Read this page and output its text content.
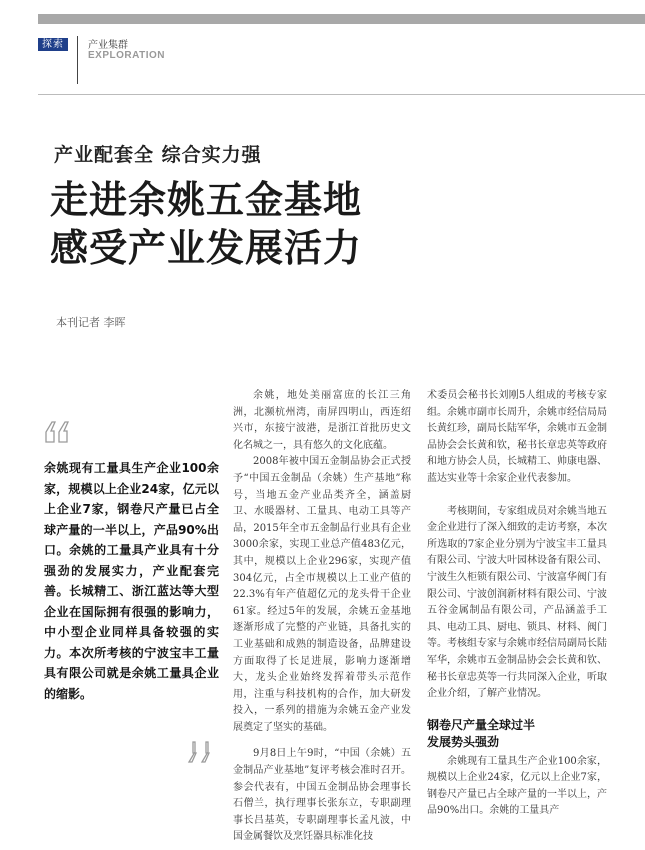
探索	产业集群
EXPLORATION
产业配套全 综合实力强
走进余姚五金基地
感受产业发展活力
本刊记者 李晖
余姚现有工量具生产企业100余家，规模以上企业24家，亿元以上企业7家，钢卷尺产量已占全球产量的一半以上，产品90%出口。余姚的工量具产业具有十分强劲的发展实力，产业配套完善。长城精工、浙江蓝达等大型企业在国际拥有很强的影响力，中小型企业同样具备较强的实力。本次所考核的宁波宝丰工量具有限公司就是余姚工量具企业的缩影。

余姚，地处美丽富庶的长江三角洲，北濒杭州湾，南屏四明山，西连绍兴市，东接宁波港，是浙江首批历史文化名城之一，具有悠久的文化底蕴。

2008年被中国五金制品协会正式授予“中国五金制品（余姚）生产基地”称号，当地五金产业品类齐全，涵盖厨卫、水暖器材、工量具、电动工具等产品，2015年全市五金制品行业具有企业3000余家，实现工业总产值483亿元，其中，规模以上企业296家，实现产值304亿元，占全市规模以上工业产值的22.3%有年产值超亿元的龙头骨干企业61家。经过5年的发展，余姚五金基地逐渐形成了完整的产业链，具备扎实的工业基础和成熟的制造设备，品牌建设方面取得了长足进展，影响力逐渐增大，龙头企业始终发挥着带头示范作用，注重与科技机构的合作，加大研发投入，一系列的措施为余姚五金产业发展奠定了坚实的基础。

9月8日上午9时，“中国（余姚）五金制品产业基地”复评考核会准时召开。参会代表有，中国五金制品协会理事长石僧兰，执行理事长张东立，专职副理事长吕基英，专职副理事长孟凡波，中国金属餐饮及烹饪器具标准化技

术委员会秘书长刘刚5人组成的考核专家组。余姚市副市长周升，余姚市经信局局长黄红珍，副局长陆军华，余姚市五金制品协会会长黄和钦，秘书长章忠英等政府和地方协会人员，长城精工、帅康电器、蓝达实业等十余家企业代表参加。

考核期间，专家组成员对余姚当地五金企业进行了深入细致的走访考察，本次所选取的7家企业分别为宁波宝丰工量具有限公司、宁波大叶园林设备有限公司、宁波生久柜锁有限公司、宁波富华阀门有限公司、宁波创润新材料有限公司、宁波五谷金属制品有限公司，产品涵盖手工具、电动工具、厨电、锁具、材料、阀门等。考核组专家与余姚市经信局副局长陆军华，余姚市五金制品协会会长黄和钦、秘书长章忠英等一行共同深入企业，听取企业介绍，了解产业情况。

钢卷尺产量全球过半
发展势头强劲

余姚现有工量具生产企业100余家，规模以上企业24家，亿元以上企业7家，钢卷尺产量已占全球产量的一半以上，产品90%出口。余姚的工量具产
